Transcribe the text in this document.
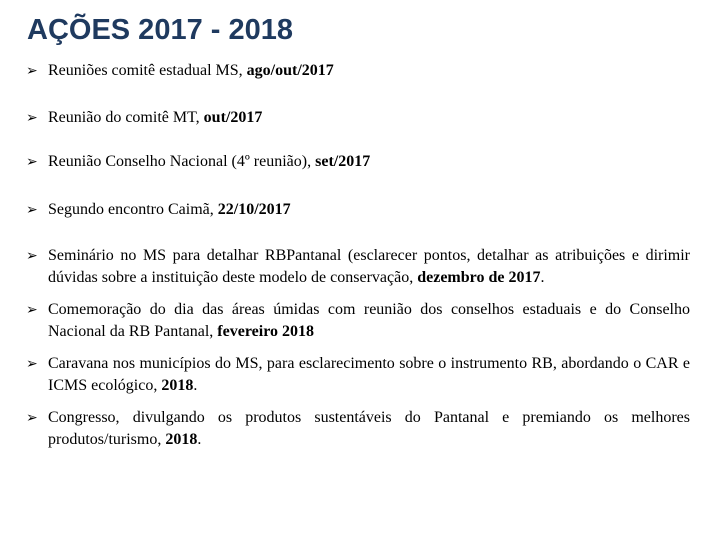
AÇÕES 2017 - 2018
➢ Reuniões comitê estadual MS, ago/out/2017
➢ Reunião do comitê MT, out/2017
➢ Reunião Conselho Nacional (4º reunião), set/2017
➢ Segundo encontro Caimã, 22/10/2017
➢ Seminário no MS para detalhar RBPantanal (esclarecer pontos, detalhar as atribuições e dirimir dúvidas sobre a instituição deste modelo de conservação, dezembro de 2017.
➢ Comemoração do dia das áreas úmidas com reunião dos conselhos estaduais e do Conselho Nacional da RB Pantanal, fevereiro 2018
➢ Caravana nos municípios do MS, para esclarecimento sobre o instrumento RB, abordando o CAR e ICMS ecológico, 2018.
➢ Congresso, divulgando os produtos sustentáveis do Pantanal e premiando os melhores produtos/turismo, 2018.
